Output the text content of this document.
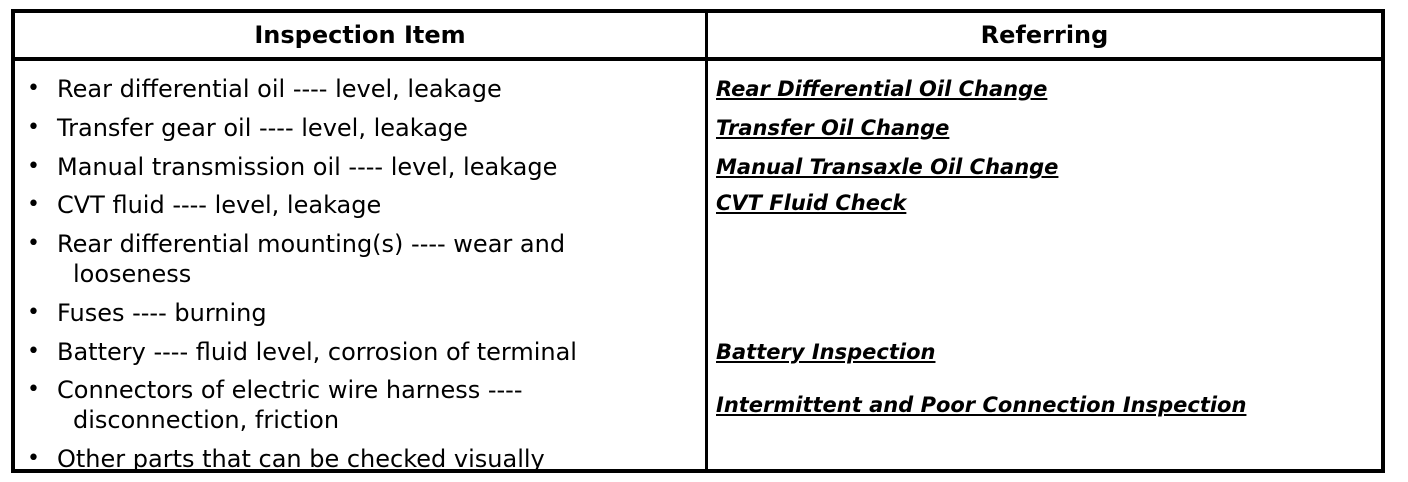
Inspection Item	Referring
• Rear differential oil ---- level, leakage
• Transfer gear oil ---- level, leakage
• Manual transmission oil ---- level, leakage
• CVT fluid ---- level, leakage
• Rear differential mounting(s) ---- wear and
looseness
• Fuses ---- burning
• Battery ---- fluid level, corrosion of terminal
• Connectors of electric wire harness ----
disconnection, friction
• Other parts that can be checked visually
Rear Differential Oil Change
Transfer Oil Change
Manual Transaxle Oil Change
CVT Fluid Check
Battery Inspection
Intermittent and Poor Connection Inspection
